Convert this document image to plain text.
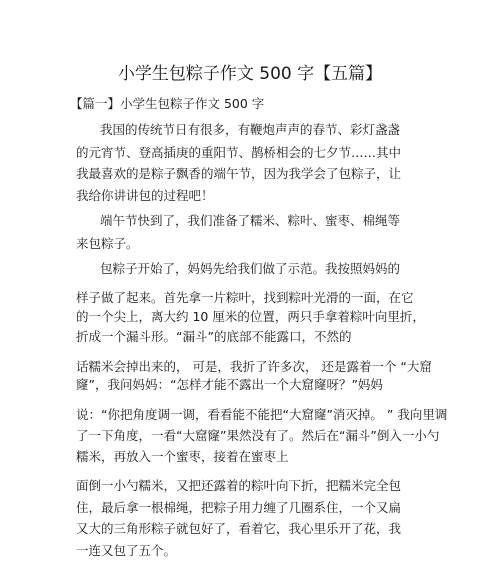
小学生包粽子作文 500 字【五篇】
【篇一】小学生包粽子作文 500 字
我国的传统节日有很多，有鞭炮声声的春节、彩灯盏盏
的元宵节、登高插庚的重阳节、鹊桥相会的七夕节……其中
我最喜欢的是粽子飘香的端午节，因为我学会了包粽子，让
我给你讲讲包的过程吧！
端午节快到了，我们准备了糯米、粽叶、蜜枣、棉绳等
来包粽子。
包粽子开始了，妈妈先给我们做了示范。我按照妈妈的
样子做了起来。首先拿一片粽叶，找到粽叶光滑的一面，在它
的一个尖上，离大约 10 厘米的位置，两只手拿着粽叶向里折，
折成一个漏斗形。“漏斗”的底部不能露口，不然的
话糯米会掉出来的， 可是，我折了许多次， 还是露着一个 “大窟
窿”，我问妈妈：“怎样才能不露出一个大窟窿呀？”妈妈
说：“你把角度调一调，看看能不能把“大窟窿”消灭掉。 ” 我向里调
了一下角度，一看“大窟窿”果然没有了。然后在“漏斗”倒入一小勺
糯米，再放入一个蜜枣，接着在蜜枣上
面倒一小勺糯米，又把还露着的粽叶向下折，把糯米完全包
住，最后拿一根棉绳，把粽子用力缠了几圈系住，一个又扁
又大的三角形粽子就包好了，看着它，我心里乐开了花，我
一连又包了五个。
